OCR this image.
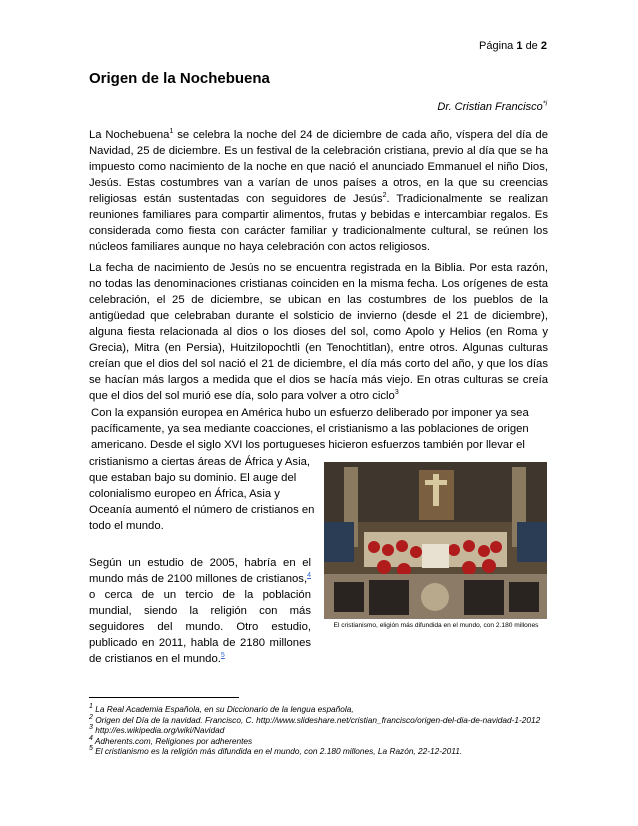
Página 1 de 2
Origen de la Nochebuena
Dr. Cristian Francisco$^{*i}$
La Nochebuena$^1$ se celebra la noche del 24 de diciembre de cada año, víspera del día de Navidad, 25 de diciembre. Es un festival de la celebración cristiana, previo al día que se ha impuesto como nacimiento de la noche en que nació el anunciado Emmanuel el niño Dios, Jesús. Estas costumbres van a varían de unos países a otros, en la que su creencias religiosas están sustentadas con seguidores de Jesús$^2$. Tradicionalmente se realizan reuniones familiares para compartir alimentos, frutas y bebidas e intercambiar regalos. Es considerada como fiesta con carácter familiar y tradicionalmente cultural, se reúnen los núcleos familiares aunque no haya celebración con actos religiosos.
La fecha de nacimiento de Jesús no se encuentra registrada en la Biblia. Por esta razón, no todas las denominaciones cristianas coinciden en la misma fecha. Los orígenes de esta celebración, el 25 de diciembre, se ubican en las costumbres de los pueblos de la antigüedad que celebraban durante el solsticio de invierno (desde el 21 de diciembre), alguna fiesta relacionada al dios o los dioses del sol, como Apolo y Helios (en Roma y Grecia), Mitra (en Persia), Huitzilopochtli (en Tenochtitlan), entre otros. Algunas culturas creían que el dios del sol nació el 21 de diciembre, el día más corto del año, y que los días se hacían más largos a medida que el dios se hacía más viejo. En otras culturas se creía que el dios del sol murió ese día, solo para volver a otro ciclo$^3$
Con la expansión europea en América hubo un esfuerzo deliberado por imponer ya sea pacíficamente, ya sea mediante coacciones, el cristianismo a las poblaciones de origen americano. Desde el siglo XVI los portugueses hicieron esfuerzos también por llevar el
cristianismo a ciertas áreas de África y Asia, que estaban bajo su dominio. El auge del colonialismo europeo en África, Asia y Oceanía aumentó el número de cristianos en todo el mundo.
El cristianismo, eligión más difundida en el mundo, con 2.180 millones
Según un estudio de 2005, habría en el mundo más de 2100 millones de cristianos,$^4$ o cerca de un tercio de la población mundial, siendo la religión con más seguidores del mundo. Otro estudio, publicado en 2011, habla de 2180 millones de cristianos en el mundo.$^5$
$^1$ La Real Academia Española, en su Diccionario de la lengua española,
$^2$ Origen del Día de la navidad. Francisco, C. http://www.slideshare.net/cristian_francisco/origen-del-dia-de-navidad-1-2012
$^3$ http://es.wikipedia.org/wiki/Navidad
$^4$ Adherents.com, Religiones por adherentes
$^5$ El cristianismo es la religión más difundida en el mundo, con 2.180 millones, La Razón, 22-12-2011.
